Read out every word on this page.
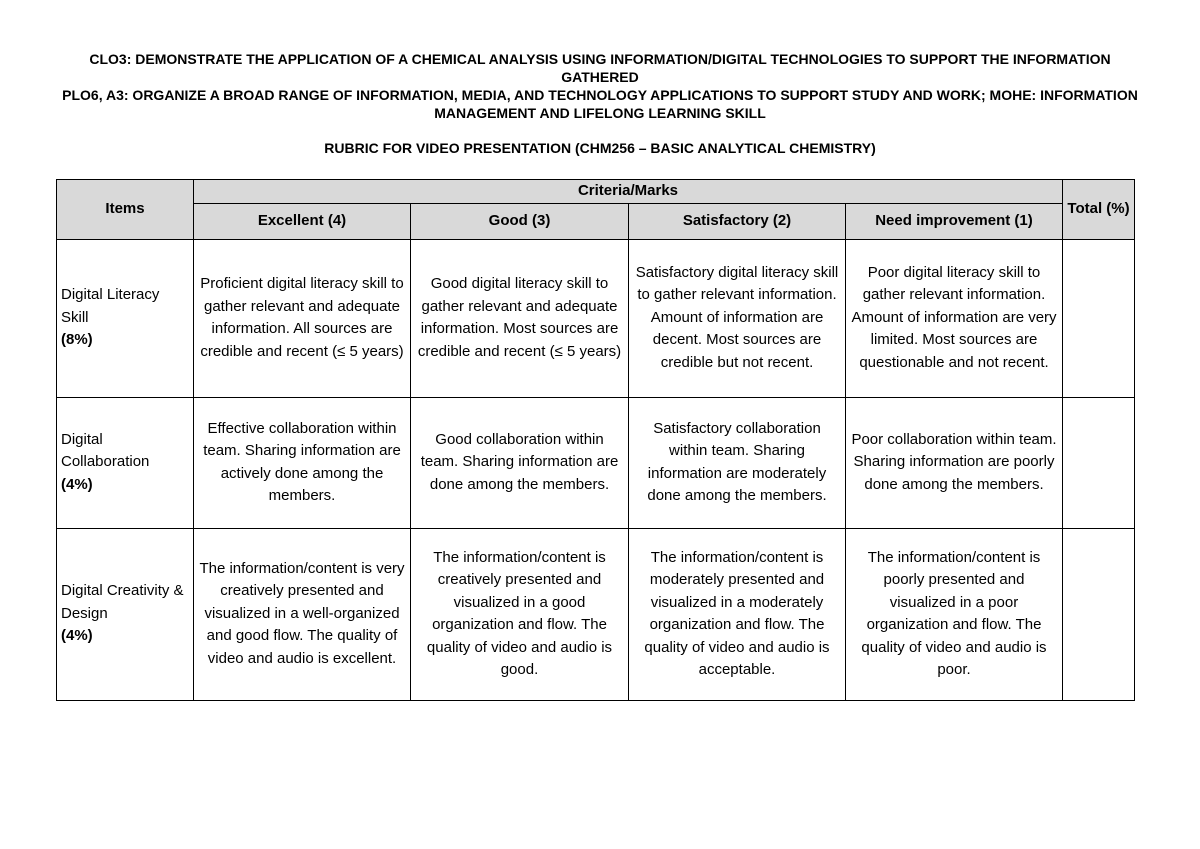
CLO3: DEMONSTRATE THE APPLICATION OF A CHEMICAL ANALYSIS USING INFORMATION/DIGITAL TECHNOLOGIES TO SUPPORT THE INFORMATION GATHERED

PLO6, A3: ORGANIZE A BROAD RANGE OF INFORMATION, MEDIA, AND TECHNOLOGY APPLICATIONS TO SUPPORT STUDY AND WORK; MOHE: INFORMATION MANAGEMENT AND LIFELONG LEARNING SKILL

RUBRIC FOR VIDEO PRESENTATION (CHM256 – BASIC ANALYTICAL CHEMISTRY)

Items	Criteria/Marks				Total (%)
	Excellent (4)	Good (3)	Satisfactory (2)	Need improvement (1)	

Digital Literacy Skill
(8%)	Proficient digital literacy skill to gather relevant and adequate information. All sources are credible and recent (≤ 5 years)	Good digital literacy skill to gather relevant and adequate information. Most sources are credible and recent (≤ 5 years)	Satisfactory digital literacy skill to gather relevant information. Amount of information are decent. Most sources are credible but not recent.	Poor digital literacy skill to gather relevant information. Amount of information are very limited. Most sources are questionable and not recent.	

Digital Collaboration
(4%)	Effective collaboration within team. Sharing information are actively done among the members.	Good collaboration within team. Sharing information are done among the members.	Satisfactory collaboration within team. Sharing information are moderately done among the members.	Poor collaboration within team. Sharing information are poorly done among the members.	

Digital Creativity & Design
(4%)	The information/content is very creatively presented and visualized in a well-organized and good flow. The quality of video and audio is excellent.	The information/content is creatively presented and visualized in a good organization and flow. The quality of video and audio is good.	The information/content is moderately presented and visualized in a moderately organization and flow. The quality of video and audio is acceptable.	The information/content is poorly presented and visualized in a poor organization and flow. The quality of video and audio is poor.	
